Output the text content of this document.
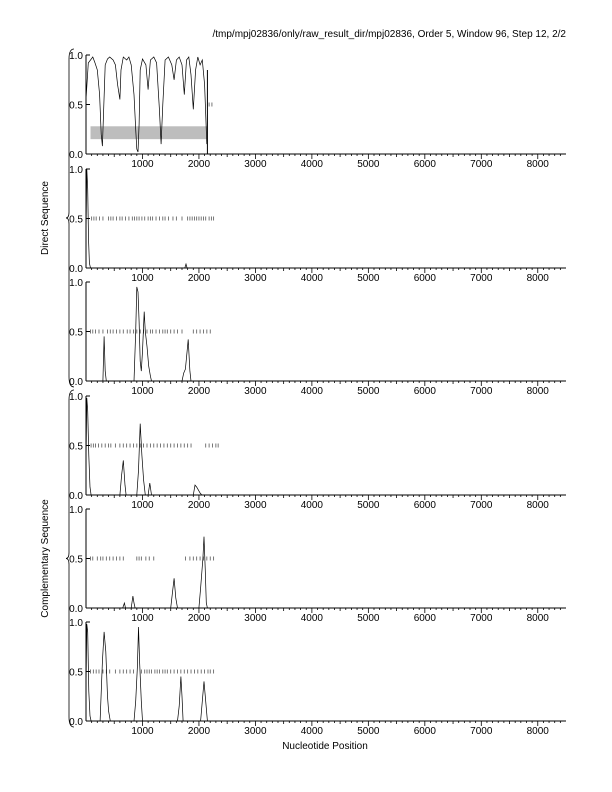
/tmp/mpj02836/only/raw_result_dir/mpj02836, Order 5, Window 96, Step 12, 2/2
0.0
0.5
1.0
1000	2000	3000	4000	5000	6000	7000	8000
0.0
0.5
1.0
1000	2000	3000	4000	5000	6000	7000	8000
0.0
0.5
1.0
1000	2000	3000	4000	5000	6000	7000	8000
0.0
0.5
1.0
1000	2000	3000	4000	5000	6000	7000	8000
0.0
0.5
1.0
1000	2000	3000	4000	5000	6000	7000	8000
0.0
0.5
1.0
1000	2000	3000	4000	5000	6000	7000	8000
Direct Sequence
Complementary Sequence
Nucleotide Position
